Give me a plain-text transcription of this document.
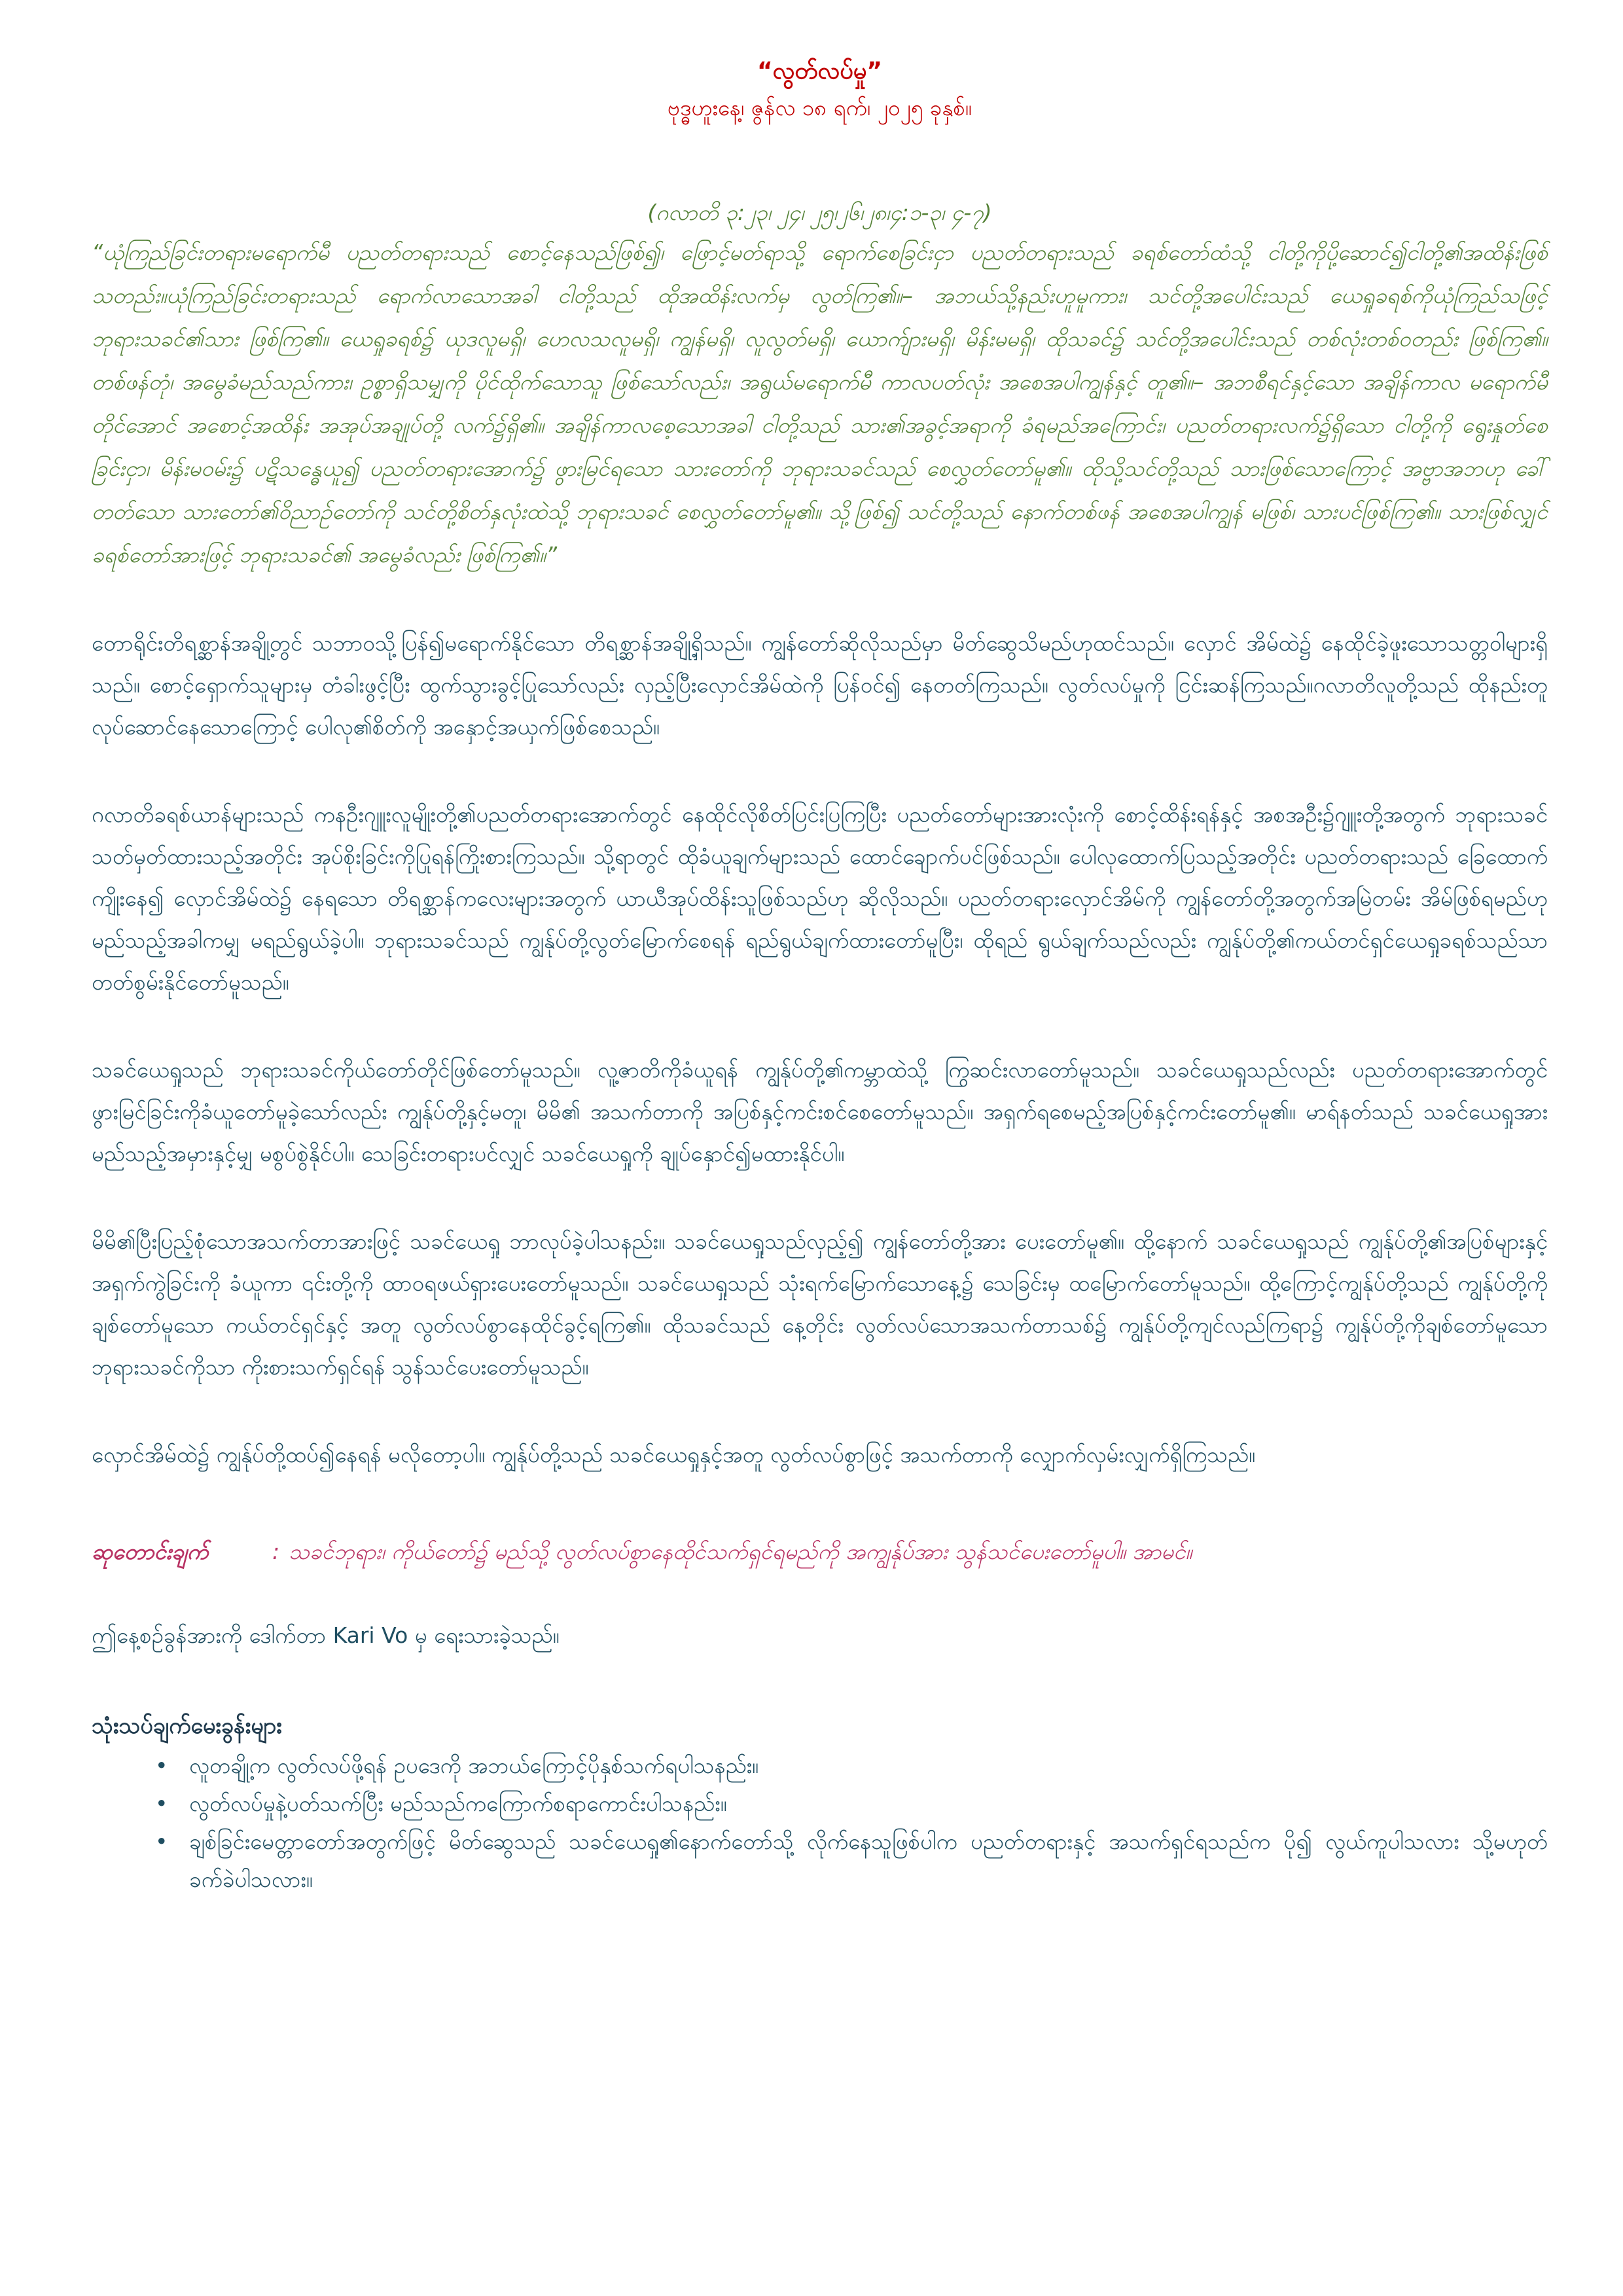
“လွတ်လပ်မှု”
ဗုဒ္ဓဟူးနေ့၊ ဇွန်လ ၁၈ ရက်၊ ၂၀၂၅ ခုနှစ်။

(ဂလာတိ ၃:၂၃၊ ၂၄၊ ၂၅၊၂၆၊၂၈၊၄:၁-၃၊ ၄-၇)

“ယုံကြည်ခြင်းတရားမရောက်မီ ပညတ်တရားသည် စောင့်နေသည်ဖြစ်၍၊ ဖြောင့်မတ်ရာသို့ ရောက်စေခြင်းငှာ ပညတ်တရားသည် ခရစ်တော်ထံသို့ ငါတို့ကိုပို့ဆောင်၍ငါတို့၏အထိန်းဖြစ်သတည်း။ယုံကြည်ခြင်းတရားသည် ရောက်လာသောအခါ ငါတို့သည် ထိုအထိန်းလက်မှ လွတ်ကြ၏။– အဘယ်သို့နည်းဟူမူကား၊ သင်တို့အပေါင်းသည် ယေရှုခရစ်ကိုယုံကြည်သဖြင့် ဘုရားသခင်၏သား ဖြစ်ကြ၏။ ယေရှုခရစ်၌ ယုဒလူမရှိ၊ ဟေလသလူမရှိ၊ ကျွန်မရှိ၊ လူလွတ်မရှိ၊ ယောက်ျားမရှိ၊ မိန်းမမရှိ၊ ထိုသခင်၌ သင်တို့အပေါင်းသည် တစ်လုံးတစ်ဝတည်း ဖြစ်ကြ၏။ တစ်ဖန်တုံ၊ အမွေခံမည်သည်ကား၊ ဥစ္စာရှိသမျှကို ပိုင်ထိုက်သောသူ ဖြစ်သော်လည်း၊ အရွယ်မရောက်မီ ကာလပတ်လုံး အစေအပါကျွန်နှင့် တူ၏။– အဘစီရင်နှင့်သော အချိန်ကာလ မရောက်မီတိုင်အောင် အစောင့်အထိန်း အအုပ်အချုပ်တို့ လက်၌ရှိ၏။ အချိန်ကာလစေ့သောအခါ ငါတို့သည် သား၏အခွင့်အရာကို ခံရမည်အကြောင်း၊ ပညတ်တရားလက်၌ရှိသော ငါတို့ကို ရွေးနှုတ်စေခြင်းငှာ၊ မိန်းမဝမ်း၌ ပဋိသန္ဓေယူ၍ ပညတ်တရားအောက်၌ ဖွားမြင်ရသော သားတော်ကို ဘုရားသခင်သည် စေလွှတ်တော်မူ၏။ ထိုသို့သင်တို့သည် သားဖြစ်သောကြောင့် အဗ္ဗာအဘဟု ခေါ်တတ်သော သားတော်၏ဝိညာဉ်တော်ကို သင်တို့စိတ်နှလုံးထဲသို့ ဘုရားသခင် စေလွှတ်တော်မူ၏။ သို့ဖြစ်၍ သင်တို့သည် နောက်တစ်ဖန် အစေအပါကျွန် မဖြစ်၊ သားပင်ဖြစ်ကြ၏။ သားဖြစ်လျှင် ခရစ်တော်အားဖြင့် ဘုရားသခင်၏ အမွေခံလည်း ဖြစ်ကြ၏။”

တောရိုင်းတိရစ္ဆာန်အချို့တွင် သဘာဝသို့ပြန်၍မရောက်နိုင်သော တိရစ္ဆာန်အချို့ရှိသည်။ ကျွန်တော်ဆိုလိုသည်မှာ မိတ်ဆွေသိမည်ဟုထင်သည်။ လှောင် အိမ်ထဲ၌ နေထိုင်ခဲ့ဖူးသောသတ္တဝါများရှိသည်။ စောင့်ရှောက်သူများမှ တံခါးဖွင့်ပြီး ထွက်သွားခွင့်ပြုသော်လည်း လှည့်ပြီးလှောင်အိမ်ထဲကို ပြန်ဝင်၍ နေတတ်ကြသည်။ လွတ်လပ်မှုကို ငြင်းဆန်ကြသည်။ဂလာတိလူတို့သည် ထိုနည်းတူလုပ်ဆောင်နေသောကြောင့် ပေါလု၏စိတ်ကို အနှောင့်အယှက်ဖြစ်စေသည်။

ဂလာတိခရစ်ယာန်များသည် ကနဦးဂျူးလူမျိုးတို့၏ပညတ်တရားအောက်တွင် နေထိုင်လိုစိတ်ပြင်းပြကြပြီး ပညတ်တော်များအားလုံးကို စောင့်ထိန်းရန်နှင့် အစအဦး၌ဂျူးတို့အတွက် ဘုရားသခင်သတ်မှတ်ထားသည့်အတိုင်း အုပ်စိုးခြင်းကိုပြုရန်ကြိုးစားကြသည်။ သို့ရာတွင် ထိုခံယူချက်များသည် ထောင်ချောက်ပင်ဖြစ်သည်။ ပေါလုထောက်ပြသည့်အတိုင်း ပညတ်တရားသည် ခြေထောက်ကျိုးနေ၍ လှောင်အိမ်ထဲ၌ နေရသော တိရစ္ဆာန်ကလေးများအတွက် ယာယီအုပ်ထိန်းသူဖြစ်သည်ဟု ဆိုလိုသည်။ ပညတ်တရားလှောင်အိမ်ကို ကျွန်တော်တို့အတွက်အမြဲတမ်း အိမ်ဖြစ်ရမည်ဟု မည်သည့်အခါကမျှ မရည်ရွယ်ခဲ့ပါ။ ဘုရားသခင်သည် ကျွန်ုပ်တို့လွတ်မြောက်စေရန် ရည်ရွယ်ချက်ထားတော်မူပြီး၊ ထိုရည် ရွယ်ချက်သည်လည်း ကျွန်ုပ်တို့၏ကယ်တင်ရှင်ယေရှုခရစ်သည်သာ တတ်စွမ်းနိုင်တော်မူသည်။

သခင်ယေရှုသည် ဘုရားသခင်ကိုယ်တော်တိုင်ဖြစ်တော်မူသည်။ လူ့ဇာတိကိုခံယူရန် ကျွန်ုပ်တို့၏ကမ္ဘာထဲသို့ ကြွဆင်းလာတော်မူသည်။ သခင်ယေရှုသည်လည်း ပညတ်တရားအောက်တွင် ဖွားမြင်ခြင်းကိုခံယူတော်မူခဲ့သော်လည်း ကျွန်ုပ်တို့နှင့်မတူ၊ မိမိ၏ အသက်တာကို အပြစ်နှင့်ကင်းစင်စေတော်မူသည်။ အရှက်ရစေမည့်အပြစ်နှင့်ကင်းတော်မူ၏။ မာရ်နတ်သည် သခင်ယေရှုအား မည်သည့်အမှားနှင့်မျှ မစွပ်စွဲနိုင်ပါ။ သေခြင်းတရားပင်လျှင် သခင်ယေရှုကို ချုပ်နှောင်၍မထားနိုင်ပါ။

မိမိ၏ပြီးပြည့်စုံသောအသက်တာအားဖြင့် သခင်ယေရှု ဘာလုပ်ခဲ့ပါသနည်း။ သခင်ယေရှုသည်လှည့်၍ ကျွန်တော်တို့အား ပေးတော်မူ၏။ ထို့နောက် သခင်ယေရှုသည် ကျွန်ုပ်တို့၏အပြစ်များနှင့် အရှက်ကွဲခြင်းကို ခံယူကာ ၎င်းတို့ကို ထာဝရဖယ်ရှားပေးတော်မူသည်။ သခင်ယေရှုသည် သုံးရက်မြောက်သောနေ့၌ သေခြင်းမှ ထမြောက်တော်မူသည်။ ထို့ကြောင့်ကျွန်ုပ်တို့သည် ကျွန်ုပ်တို့ကိုချစ်တော်မူသော ကယ်တင်ရှင်နှင့် အတူ လွတ်လပ်စွာနေထိုင်ခွင့်ရကြ၏။ ထိုသခင်သည် နေ့တိုင်း လွတ်လပ်သောအသက်တာသစ်၌ ကျွန်ုပ်တို့ကျင်လည်ကြရာ၌ ကျွန်ုပ်တို့ကိုချစ်တော်မူသောဘုရားသခင်ကိုသာ ကိုးစားသက်ရှင်ရန် သွန်သင်ပေးတော်မူသည်။

လှောင်အိမ်ထဲ၌ ကျွန်ုပ်တို့ထပ်၍နေရန် မလိုတော့ပါ။ ကျွန်ုပ်တို့သည် သခင်ယေရှုနှင့်အတူ လွတ်လပ်စွာဖြင့် အသက်တာကို လျှောက်လှမ်းလျှက်ရှိကြသည်။

ဆုတောင်းချက်	: သခင်ဘုရား၊ ကိုယ်တော်၌ မည်သို့ လွတ်လပ်စွာနေထိုင်သက်ရှင်ရမည်ကို အကျွန်ုပ်အား သွန်သင်ပေးတော်မူပါ။ အာမင်။

ဤနေ့စဉ်ခွန်အားကို ဒေါက်တာ Kari Vo မှ ရေးသားခဲ့သည်။

သုံးသပ်ချက်မေးခွန်းများ
• လူတချို့က လွတ်လပ်ဖို့ရန် ဥပဒေကို အဘယ်ကြောင့်ပိုနှစ်သက်ရပါသနည်း။
• လွတ်လပ်မှုနဲ့ပတ်သက်ပြီး မည်သည်ကကြောက်စရာကောင်းပါသနည်း။
• ချစ်ခြင်းမေတ္တာတော်အတွက်ဖြင့် မိတ်ဆွေသည် သခင်ယေရှု၏နောက်တော်သို့ လိုက်နေသူဖြစ်ပါက ပညတ်တရားနှင့် အသက်ရှင်ရသည်က ပို၍ လွယ်ကူပါသလား သို့မဟုတ် ခက်ခဲပါသလား။
